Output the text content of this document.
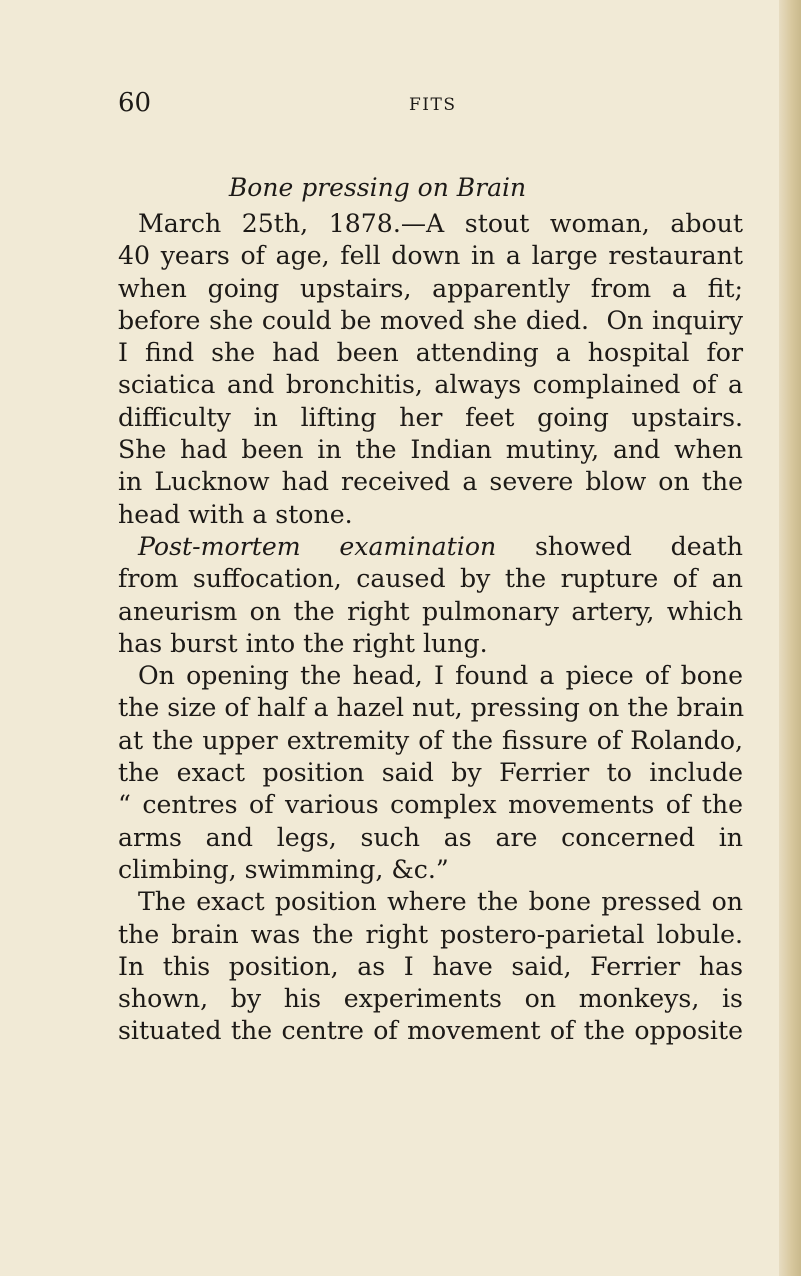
60	FITS
Bone pressing on Brain
March 25th, 1878.—A stout woman, about
40 years of age, fell down in a large restaurant
when going upstairs, apparently from a fit;
before she could be moved she died.  On inquiry
I find she had been attending a hospital for
sciatica and bronchitis, always complained of a
difficulty in lifting her feet going upstairs.
She had been in the Indian mutiny, and when
in Lucknow had received a severe blow on the
head with a stone.
Post-mortem  examination  showed  death
from suffocation, caused by the rupture of an
aneurism on the right pulmonary artery, which
has burst into the right lung.
On opening the head, I found a piece of bone
the size of half a hazel nut, pressing on the brain
at the upper extremity of the fissure of Rolando,
the exact position said by Ferrier to include
“ centres of various complex movements of the
arms and legs, such as are concerned in
climbing, swimming, &c.”
The exact position where the bone pressed on
the brain was the right postero-parietal lobule.
In this position, as I have said, Ferrier has
shown, by his experiments on monkeys, is
situated the centre of movement of the opposite
